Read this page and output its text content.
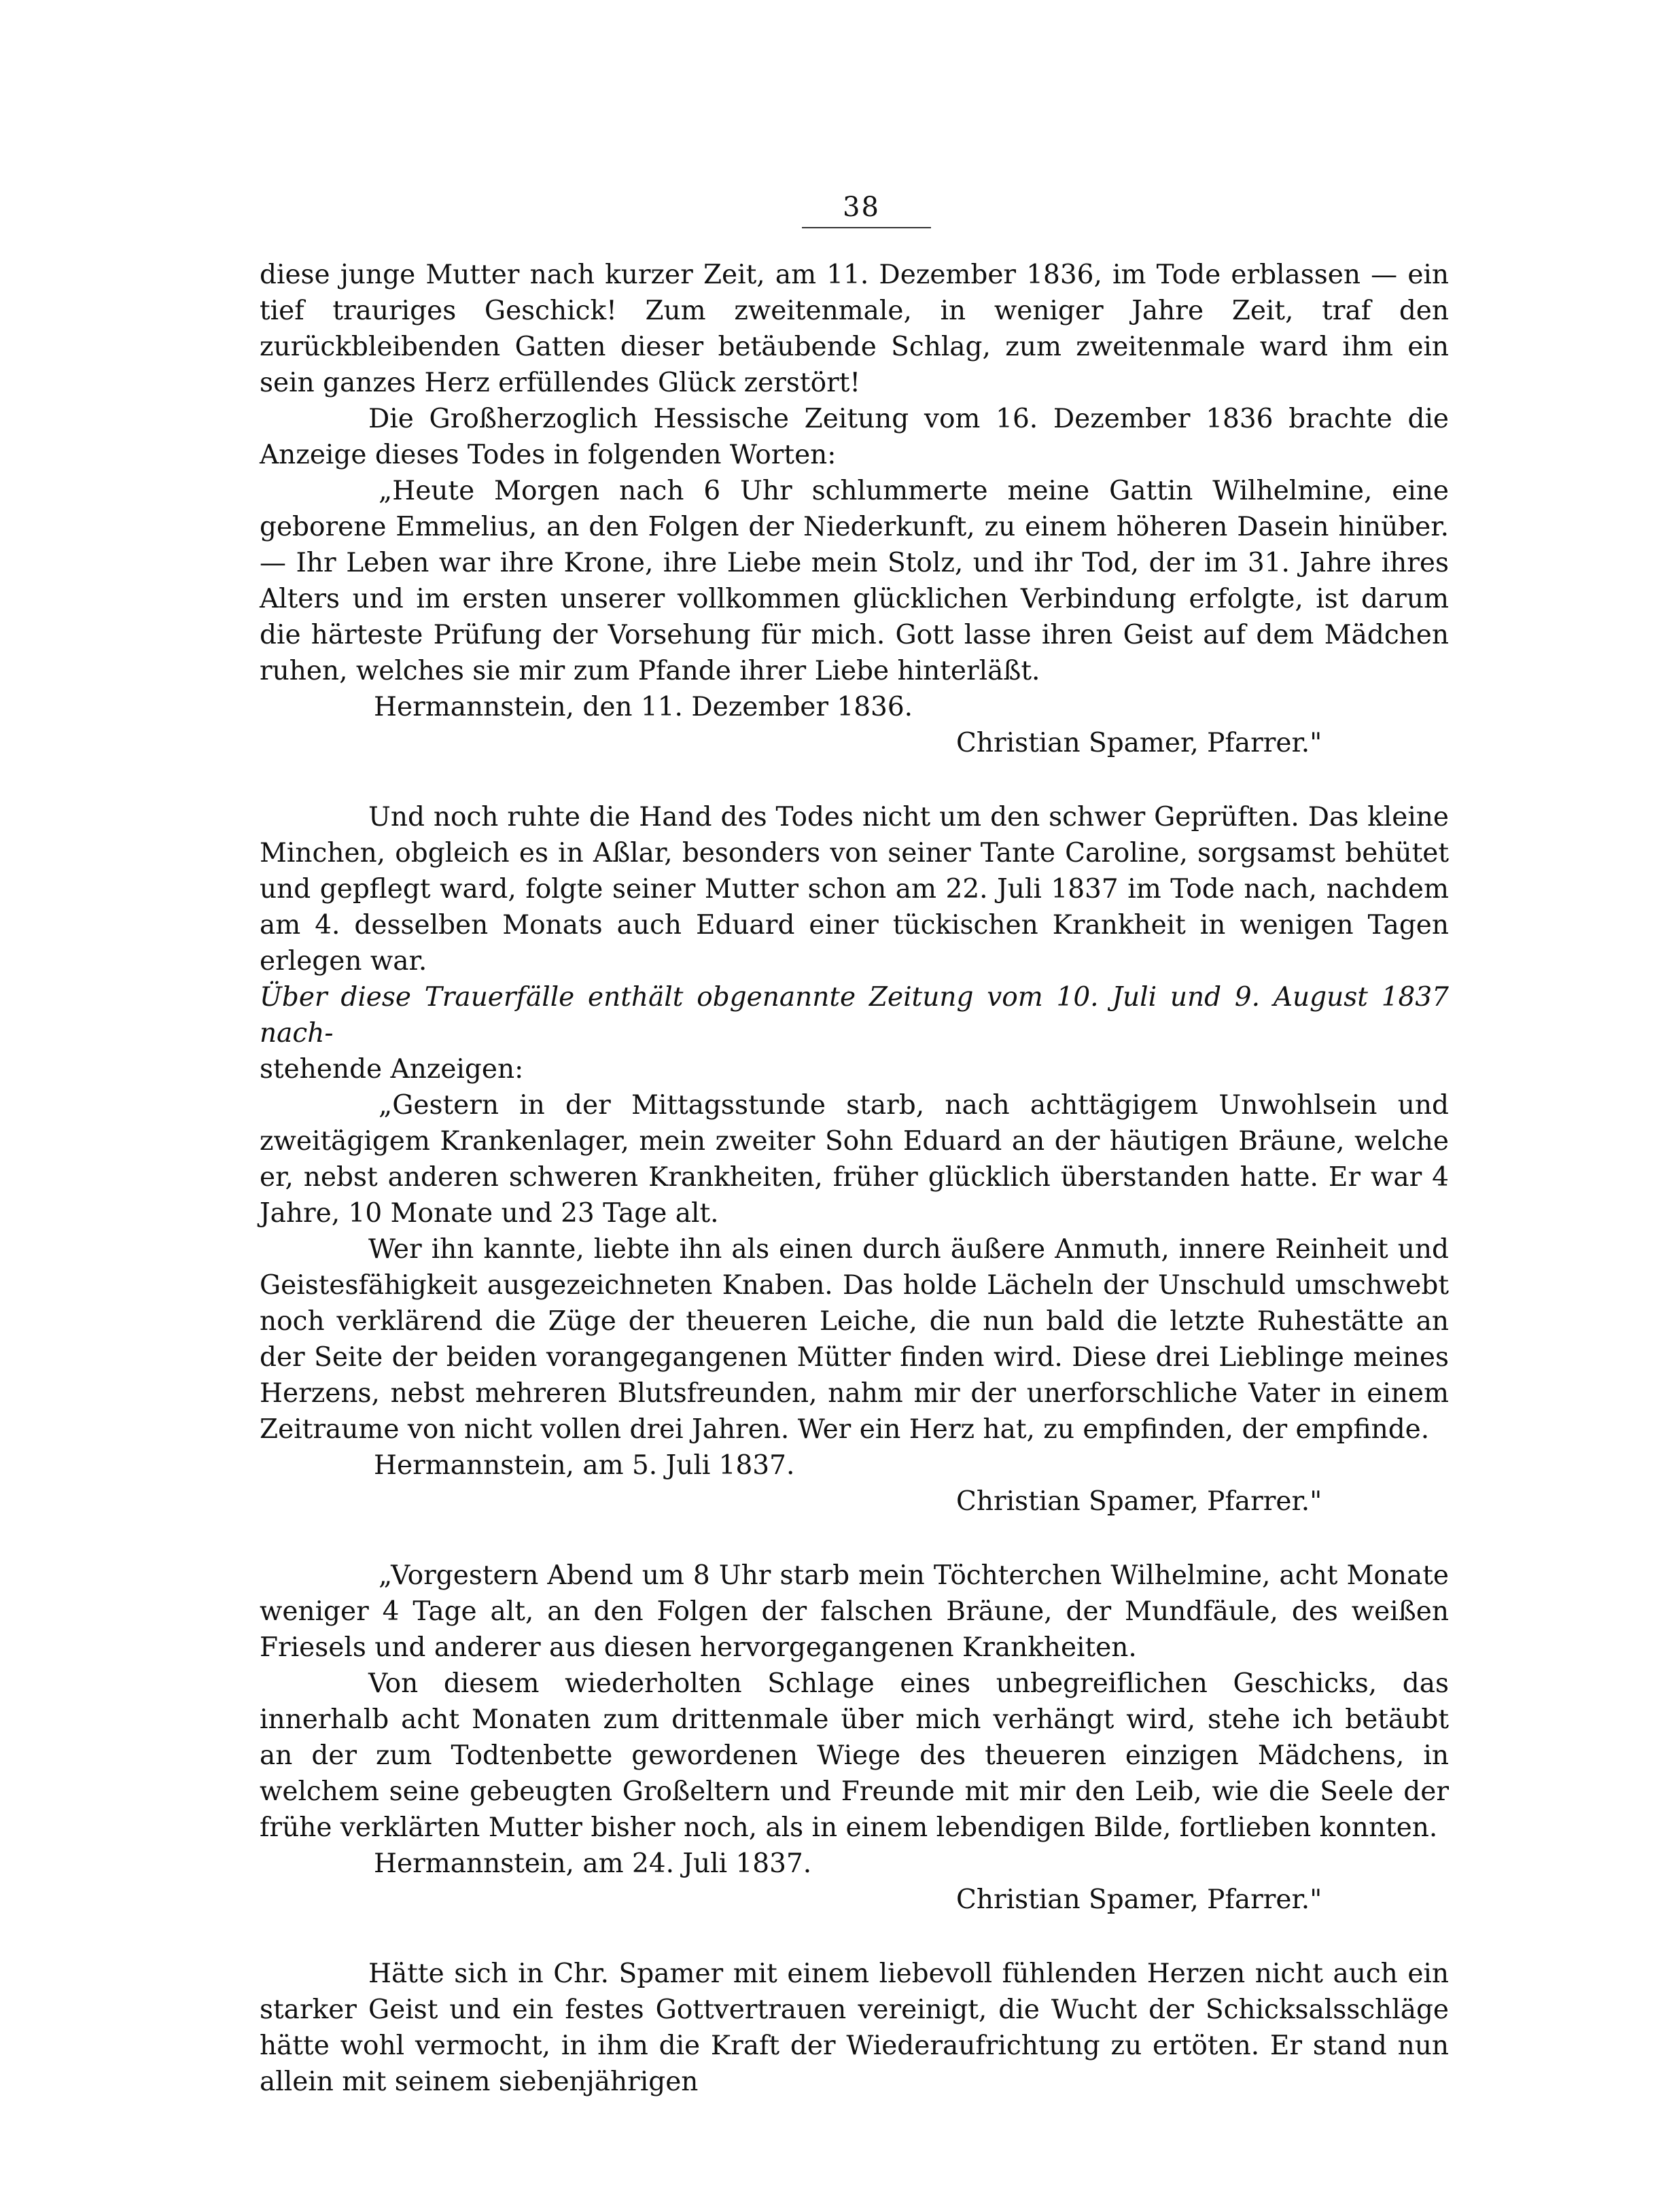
38

diese junge Mutter nach kurzer Zeit, am 11. Dezember 1836, im Tode erblassen — ein tief trauriges Geschick! Zum zweitenmale, in weniger Jahre Zeit, traf den zurückbleibenden Gatten dieser betäubende Schlag, zum zweitenmale ward ihm ein sein ganzes Herz erfüllendes Glück zerstört!

Die Großherzoglich Hessische Zeitung vom 16. Dezember 1836 brachte die Anzeige dieses Todes in folgenden Worten:

„Heute Morgen nach 6 Uhr schlummerte meine Gattin Wilhelmine, eine geborene Emmelius, an den Folgen der Niederkunft, zu einem höheren Dasein hinüber. — Ihr Leben war ihre Krone, ihre Liebe mein Stolz, und ihr Tod, der im 31. Jahre ihres Alters und im ersten unserer vollkommen glücklichen Verbindung erfolgte, ist darum die härteste Prüfung der Vorsehung für mich. Gott lasse ihren Geist auf dem Mädchen ruhen, welches sie mir zum Pfande ihrer Liebe hinterläßt.

Hermannstein, den 11. Dezember 1836.

Christian Spamer, Pfarrer."

Und noch ruhte die Hand des Todes nicht um den schwer Geprüften. Das kleine Minchen, obgleich es in Aßlar, besonders von seiner Tante Caroline, sorgsamst behütet und gepflegt ward, folgte seiner Mutter schon am 22. Juli 1837 im Tode nach, nachdem am 4. desselben Monats auch Eduard einer tückischen Krankheit in wenigen Tagen erlegen war.

Über diese Trauerfälle enthält obgenannte Zeitung vom 10. Juli und 9. August 1837 nach-

stehende Anzeigen:

„Gestern in der Mittagsstunde starb, nach achttägigem Unwohlsein und zweitägigem Krankenlager, mein zweiter Sohn Eduard an der häutigen Bräune, welche er, nebst anderen schweren Krankheiten, früher glücklich überstanden hatte. Er war 4 Jahre, 10 Monate und 23 Tage alt.

Wer ihn kannte, liebte ihn als einen durch äußere Anmuth, innere Reinheit und Geistesfähigkeit ausgezeichneten Knaben. Das holde Lächeln der Unschuld umschwebt noch verklärend die Züge der theueren Leiche, die nun bald die letzte Ruhestätte an der Seite der beiden vorangegangenen Mütter finden wird. Diese drei Lieblinge meines Herzens, nebst mehreren Blutsfreunden, nahm mir der unerforschliche Vater in einem Zeitraume von nicht vollen drei Jahren. Wer ein Herz hat, zu empfinden, der empfinde.

Hermannstein, am 5. Juli 1837.

Christian Spamer, Pfarrer."

„Vorgestern Abend um 8 Uhr starb mein Töchterchen Wilhelmine, acht Monate weniger 4 Tage alt, an den Folgen der falschen Bräune, der Mundfäule, des weißen Friesels und anderer aus diesen hervorgegangenen Krankheiten.

Von diesem wiederholten Schlage eines unbegreiflichen Geschicks, das innerhalb acht Monaten zum drittenmale über mich verhängt wird, stehe ich betäubt an der zum Todtenbette gewordenen Wiege des theueren einzigen Mädchens, in welchem seine gebeugten Großeltern und Freunde mit mir den Leib, wie die Seele der frühe verklärten Mutter bisher noch, als in einem lebendigen Bilde, fortlieben konnten.

Hermannstein, am 24. Juli 1837.

Christian Spamer, Pfarrer."

Hätte sich in Chr. Spamer mit einem liebevoll fühlenden Herzen nicht auch ein starker Geist und ein festes Gottvertrauen vereinigt, die Wucht der Schicksalsschläge hätte wohl vermocht, in ihm die Kraft der Wiederaufrichtung zu ertöten. Er stand nun allein mit seinem siebenjährigen
